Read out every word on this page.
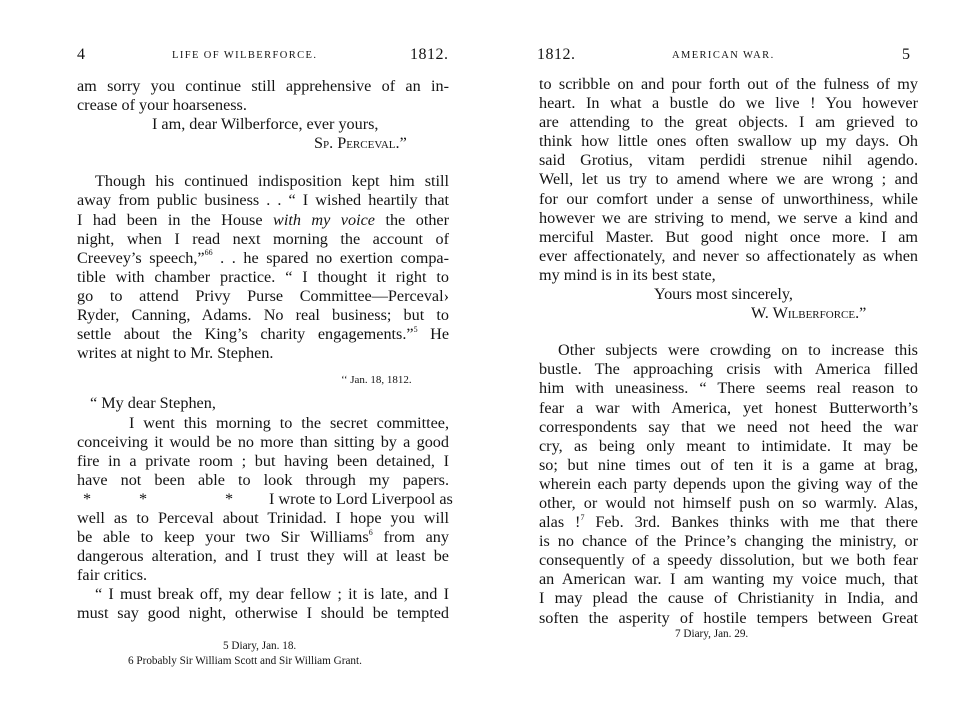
4	LIFE OF WILBERFORCE.	1812.
am sorry you continue still apprehensive of an in-
crease of your hoarseness.
I am, dear Wilberforce, ever yours,
Sp. Perceval.”
Though his continued indisposition kept him still
away from public business . . “ I wished heartily that
I had been in the House with my voice the other
night, when I read next morning the account of
Creevey’s speech,”$^{66}$ . . he spared no exertion compa-
tible with chamber practice. “ I thought it right to
go to attend Privy Purse Committee—Perceval›
Ryder, Canning, Adams. No real business; but to
settle about the King’s charity engagements.”$^5$ He
writes at night to Mr. Stephen.
‘‘ Jan. 18, 1812.
“ My dear Stephen,
I went this morning to the secret committee,
conceiving it would be no more than sitting by a good
fire in a private room ; but having been detained, I
have not been able to look through my papers.
*	*	* I wrote to Lord Liverpool as
well as to Perceval about Trinidad. I hope you will
be able to keep your two Sir Williams$^6$ from any
dangerous alteration, and I trust they will at least be
fair critics.
“ I must break off, my dear fellow ; it is late, and I
must say good night, otherwise I should be tempted
5 Diary, Jan. 18.
6 Probably Sir William Scott and Sir William Grant.
1812.	AMERICAN WAR.	5
to scribble on and pour forth out of the fulness of my
heart. In what a bustle do we live ! You however
are attending to the great objects. I am grieved to
think how little ones often swallow up my days. Oh
said Grotius, vitam perdidi strenue nihil agendo.
Well, let us try to amend where we are wrong ; and
for our comfort under a sense of unworthiness, while
however we are striving to mend, we serve a kind and
merciful Master. But good night once more. I am
ever affectionately, and never so affectionately as when
my mind is in its best state,
Yours most sincerely,
W. Wilberforce.”
Other subjects were crowding on to increase this
bustle. The approaching crisis with America filled
him with uneasiness. “ There seems real reason to
fear a war with America, yet honest Butterworth’s
correspondents say that we need not heed the war
cry, as being only meant to intimidate. It may be
so; but nine times out of ten it is a game at brag,
wherein each party depends upon the giving way of the
other, or would not himself push on so warmly. Alas,
alas !$^7$ Feb. 3rd. Bankes thinks with me that there
is no chance of the Prince’s changing the ministry, or
consequently of a speedy dissolution, but we both fear
an American war. I am wanting my voice much, that
I may plead the cause of Christianity in India, and
soften the asperity of hostile tempers between Great
7 Diary, Jan. 29.
